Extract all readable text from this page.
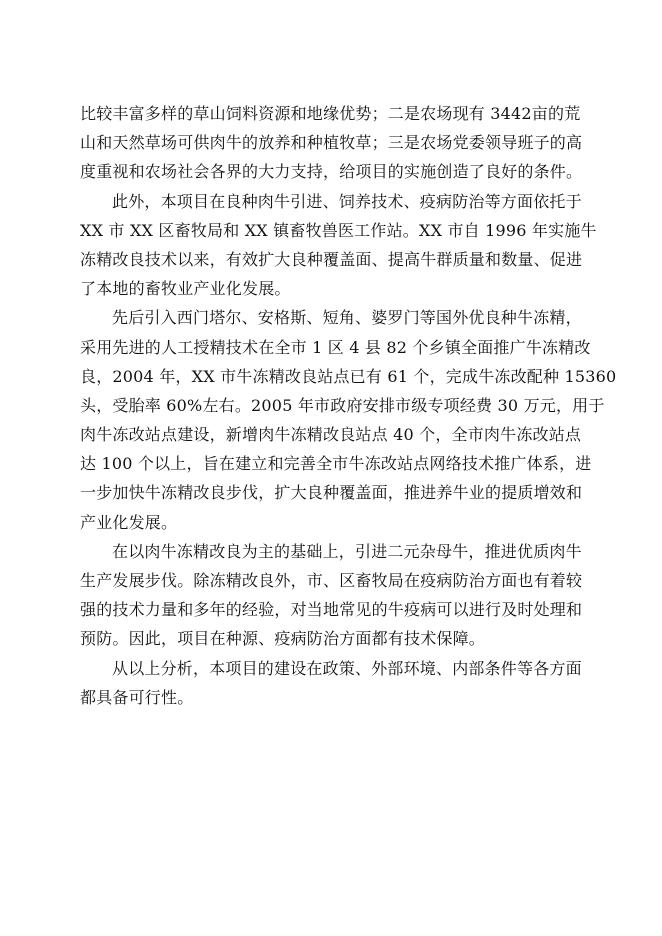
比较丰富多样的草山饲料资源和地缘优势；二是农场现有 3442亩的荒
山和天然草场可供肉牛的放养和种植牧草；三是农场党委领导班子的高
度重视和农场社会各界的大力支持，给项目的实施创造了良好的条件。
此外，本项目在良种肉牛引进、饲养技术、疫病防治等方面依托于
XX 市 XX 区畜牧局和 XX 镇畜牧兽医工作站。XX 市自 1996 年实施牛
冻精改良技术以来，有效扩大良种覆盖面、提高牛群质量和数量、促进
了本地的畜牧业产业化发展。
先后引入西门塔尔、安格斯、短角、婆罗门等国外优良种牛冻精，
采用先进的人工授精技术在全市 1 区 4 县 82 个乡镇全面推广牛冻精改
良，2004 年，XX 市牛冻精改良站点已有 61 个，完成牛冻改配种 15360
头，受胎率 60%左右。2005 年市政府安排市级专项经费 30 万元，用于
肉牛冻改站点建设，新增肉牛冻精改良站点 40 个，全市肉牛冻改站点
达 100 个以上，旨在建立和完善全市牛冻改站点网络技术推广体系，进
一步加快牛冻精改良步伐，扩大良种覆盖面，推进养牛业的提质增效和
产业化发展。
在以肉牛冻精改良为主的基础上，引进二元杂母牛，推进优质肉牛
生产发展步伐。除冻精改良外，市、区畜牧局在疫病防治方面也有着较
强的技术力量和多年的经验，对当地常见的牛疫病可以进行及时处理和
预防。因此，项目在种源、疫病防治方面都有技术保障。
从以上分析，本项目的建设在政策、外部环境、内部条件等各方面
都具备可行性。
